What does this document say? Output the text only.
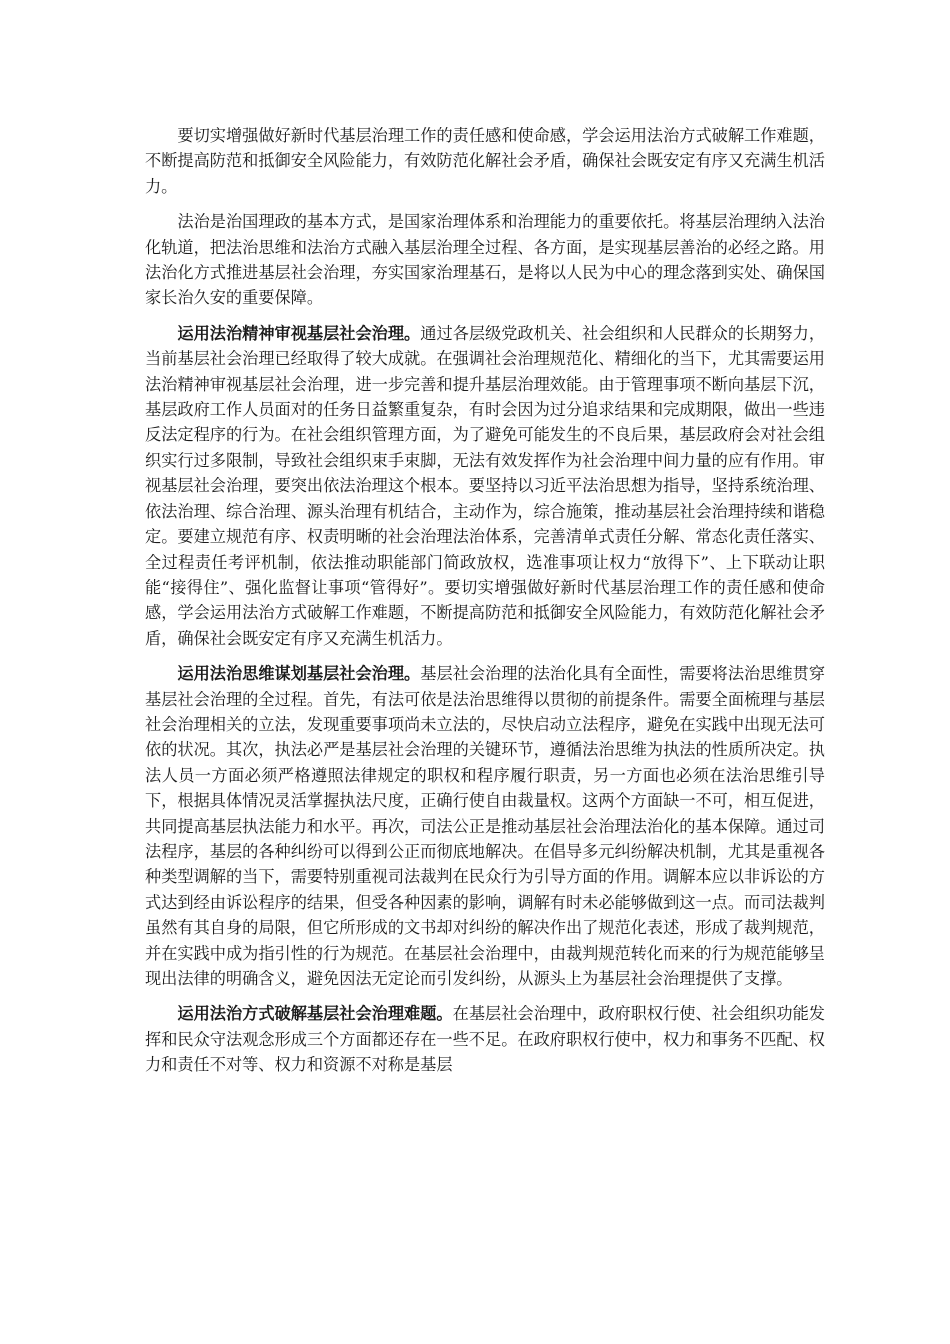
要切实增强做好新时代基层治理工作的责任感和使命感，学会运用法治方式破解工作难题，不断提高防范和抵御安全风险能力，有效防范化解社会矛盾，确保社会既安定有序又充满生机活力。

法治是治国理政的基本方式，是国家治理体系和治理能力的重要依托。将基层治理纳入法治化轨道，把法治思维和法治方式融入基层治理全过程、各方面，是实现基层善治的必经之路。用法治化方式推进基层社会治理，夯实国家治理基石，是将以人民为中心的理念落到实处、确保国家长治久安的重要保障。

运用法治精神审视基层社会治理。通过各层级党政机关、社会组织和人民群众的长期努力，当前基层社会治理已经取得了较大成就。在强调社会治理规范化、精细化的当下，尤其需要运用法治精神审视基层社会治理，进一步完善和提升基层治理效能。由于管理事项不断向基层下沉，基层政府工作人员面对的任务日益繁重复杂，有时会因为过分追求结果和完成期限，做出一些违反法定程序的行为。在社会组织管理方面，为了避免可能发生的不良后果，基层政府会对社会组织实行过多限制，导致社会组织束手束脚，无法有效发挥作为社会治理中间力量的应有作用。审视基层社会治理，要突出依法治理这个根本。要坚持以习近平法治思想为指导，坚持系统治理、依法治理、综合治理、源头治理有机结合，主动作为，综合施策，推动基层社会治理持续和谐稳定。要建立规范有序、权责明晰的社会治理法治体系，完善清单式责任分解、常态化责任落实、全过程责任考评机制，依法推动职能部门简政放权，选准事项让权力“放得下”、上下联动让职能“接得住”、强化监督让事项“管得好”。要切实增强做好新时代基层治理工作的责任感和使命感，学会运用法治方式破解工作难题，不断提高防范和抵御安全风险能力，有效防范化解社会矛盾，确保社会既安定有序又充满生机活力。

运用法治思维谋划基层社会治理。基层社会治理的法治化具有全面性，需要将法治思维贯穿基层社会治理的全过程。首先，有法可依是法治思维得以贯彻的前提条件。需要全面梳理与基层社会治理相关的立法，发现重要事项尚未立法的，尽快启动立法程序，避免在实践中出现无法可依的状况。其次，执法必严是基层社会治理的关键环节，遵循法治思维为执法的性质所决定。执法人员一方面必须严格遵照法律规定的职权和程序履行职责，另一方面也必须在法治思维引导下，根据具体情况灵活掌握执法尺度，正确行使自由裁量权。这两个方面缺一不可，相互促进，共同提高基层执法能力和水平。再次，司法公正是推动基层社会治理法治化的基本保障。通过司法程序，基层的各种纠纷可以得到公正而彻底地解决。在倡导多元纠纷解决机制，尤其是重视各种类型调解的当下，需要特别重视司法裁判在民众行为引导方面的作用。调解本应以非诉讼的方式达到经由诉讼程序的结果，但受各种因素的影响，调解有时未必能够做到这一点。而司法裁判虽然有其自身的局限，但它所形成的文书却对纠纷的解决作出了规范化表述，形成了裁判规范，并在实践中成为指引性的行为规范。在基层社会治理中，由裁判规范转化而来的行为规范能够呈现出法律的明确含义，避免因法无定论而引发纠纷，从源头上为基层社会治理提供了支撑。

运用法治方式破解基层社会治理难题。在基层社会治理中，政府职权行使、社会组织功能发挥和民众守法观念形成三个方面都还存在一些不足。在政府职权行使中，权力和事务不匹配、权力和责任不对等、权力和资源不对称是基层
